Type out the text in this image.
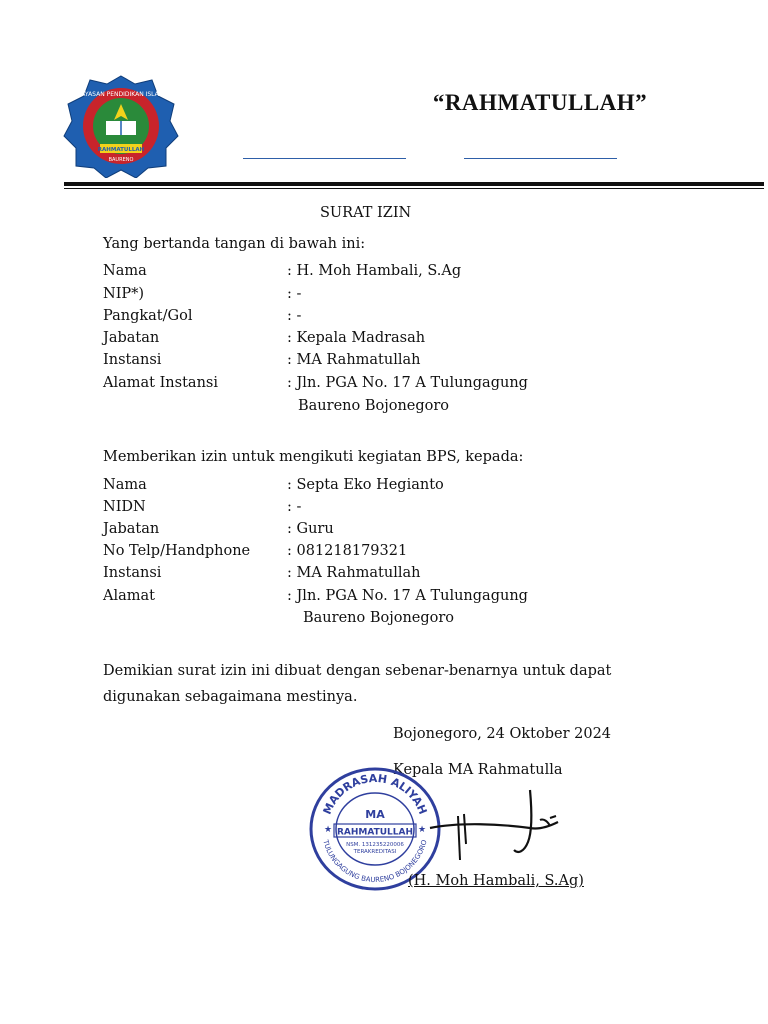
YAYASAN PENDIDIKAN ISLAM
RAHMATULLAH
BAURENO
“RAHMATULLAH”
SURAT IZIN
Yang bertanda tangan di bawah ini:
Nama	: H. Moh Hambali, S.Ag
NIP*)	: -
Pangkat/Gol	: -
Jabatan	: Kepala Madrasah
Instansi	: MA Rahmatullah
Alamat Instansi	: Jln. PGA No. 17 A Tulungagung
Baureno Bojonegoro
Memberikan izin untuk mengikuti kegiatan BPS, kepada:
Nama	: Septa Eko Hegianto
NIDN	: -
Jabatan	: Guru
No Telp/Handphone	: 081218179321
Instansi	: MA Rahmatullah
Alamat	: Jln. PGA No. 17 A Tulungagung
Baureno Bojonegoro
Demikian surat izin ini dibuat dengan sebenar-benarnya untuk dapat
digunakan sebagaimana mestinya.
Bojonegoro, 24 Oktober 2024
Kepala MA Rahmatulla
MADRASAH ALIYAH
TULUNGAGUNG BAURENO BOJONEGORO
★	★
MA
RAHMATULLAH
NSM. 131235220006
TERAKREDITASI
(H. Moh Hambali, S.Ag)
